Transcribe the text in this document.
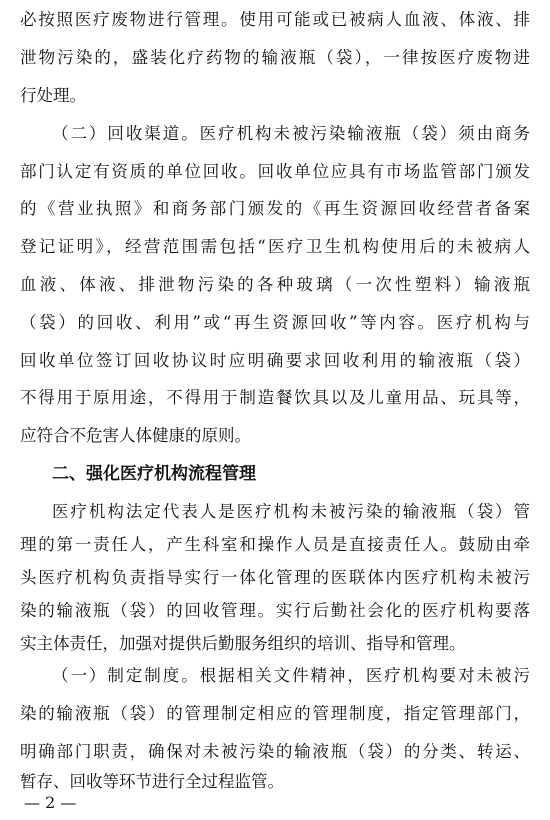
必按照医疗废物进行管理。使用可能或已被病人血液、体液、排
泄物污染的，盛装化疗药物的输液瓶（袋），一律按医疗废物进
行处理。
（二）回收渠道。医疗机构未被污染输液瓶（袋）须由商务
部门认定有资质的单位回收。回收单位应具有市场监管部门颁发
的《营业执照》和商务部门颁发的《再生资源回收经营者备案
登记证明》，经营范围需包括“医疗卫生机构使用后的未被病人
血液、体液、排泄物污染的各种玻璃（一次性塑料）输液瓶
（袋）的回收、利用”或“再生资源回收”等内容。医疗机构与
回收单位签订回收协议时应明确要求回收利用的输液瓶（袋）
不得用于原用途，不得用于制造餐饮具以及儿童用品、玩具等，
应符合不危害人体健康的原则。
二、强化医疗机构流程管理
医疗机构法定代表人是医疗机构未被污染的输液瓶（袋）管
理的第一责任人，产生科室和操作人员是直接责任人。鼓励由牵
头医疗机构负责指导实行一体化管理的医联体内医疗机构未被污
染的输液瓶（袋）的回收管理。实行后勤社会化的医疗机构要落
实主体责任，加强对提供后勤服务组织的培训、指导和管理。
（一）制定制度。根据相关文件精神，医疗机构要对未被污
染的输液瓶（袋）的管理制定相应的管理制度，指定管理部门，
明确部门职责，确保对未被污染的输液瓶（袋）的分类、转运、
暂存、回收等环节进行全过程监管。
— 2 —
